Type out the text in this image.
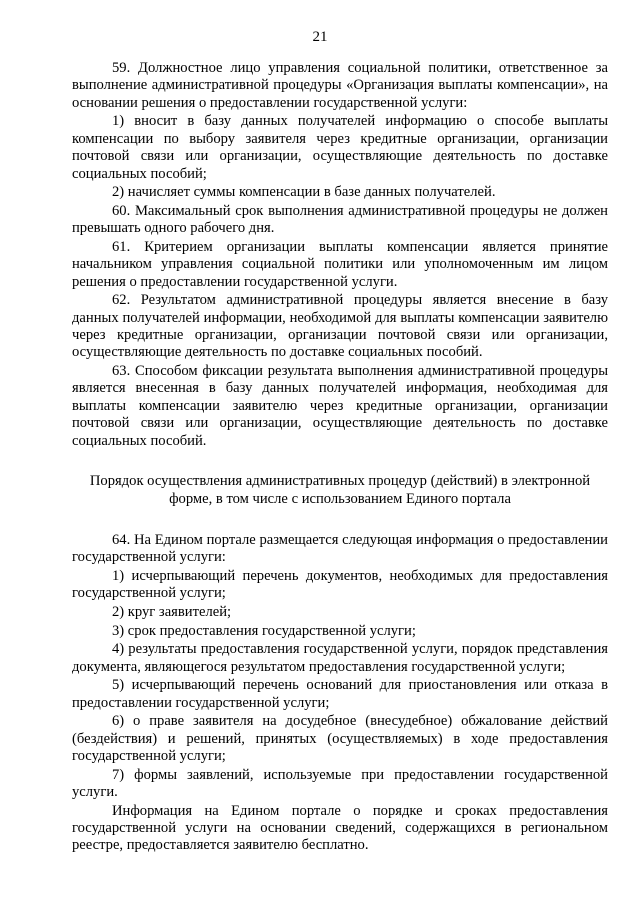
21

59. Должностное лицо управления социальной политики, ответственное за выполнение административной процедуры «Организация выплаты компенсации», на основании решения о предоставлении государственной услуги:

1) вносит в базу данных получателей информацию о способе выплаты компенсации по выбору заявителя через кредитные организации, организации почтовой связи или организации, осуществляющие деятельность по доставке социальных пособий;

2) начисляет суммы компенсации в базе данных получателей.

60. Максимальный срок выполнения административной процедуры не должен превышать одного рабочего дня.

61. Критерием организации выплаты компенсации является принятие начальником управления социальной политики или уполномоченным им лицом решения о предоставлении государственной услуги.

62. Результатом административной процедуры является внесение в базу данных получателей информации, необходимой для выплаты компенсации заявителю через кредитные организации, организации почтовой связи или организации, осуществляющие деятельность по доставке социальных пособий.

63. Способом фиксации результата выполнения административной процедуры является внесенная в базу данных получателей информация, необходимая для выплаты компенсации заявителю через кредитные организации, организации почтовой связи или организации, осуществляющие деятельность по доставке социальных пособий.

Порядок осуществления административных процедур (действий) в электронной форме, в том числе с использованием Единого портала

64. На Едином портале размещается следующая информация о предоставлении государственной услуги:

1) исчерпывающий перечень документов, необходимых для предоставления государственной услуги;

2) круг заявителей;

3) срок предоставления государственной услуги;

4) результаты предоставления государственной услуги, порядок представления документа, являющегося результатом предоставления государственной услуги;

5) исчерпывающий перечень оснований для приостановления или отказа в предоставлении государственной услуги;

6) о праве заявителя на досудебное (внесудебное) обжалование действий (бездействия) и решений, принятых (осуществляемых) в ходе предоставления государственной услуги;

7) формы заявлений, используемые при предоставлении государственной услуги.

Информация на Едином портале о порядке и сроках предоставления государственной услуги на основании сведений, содержащихся в региональном реестре, предоставляется заявителю бесплатно.
